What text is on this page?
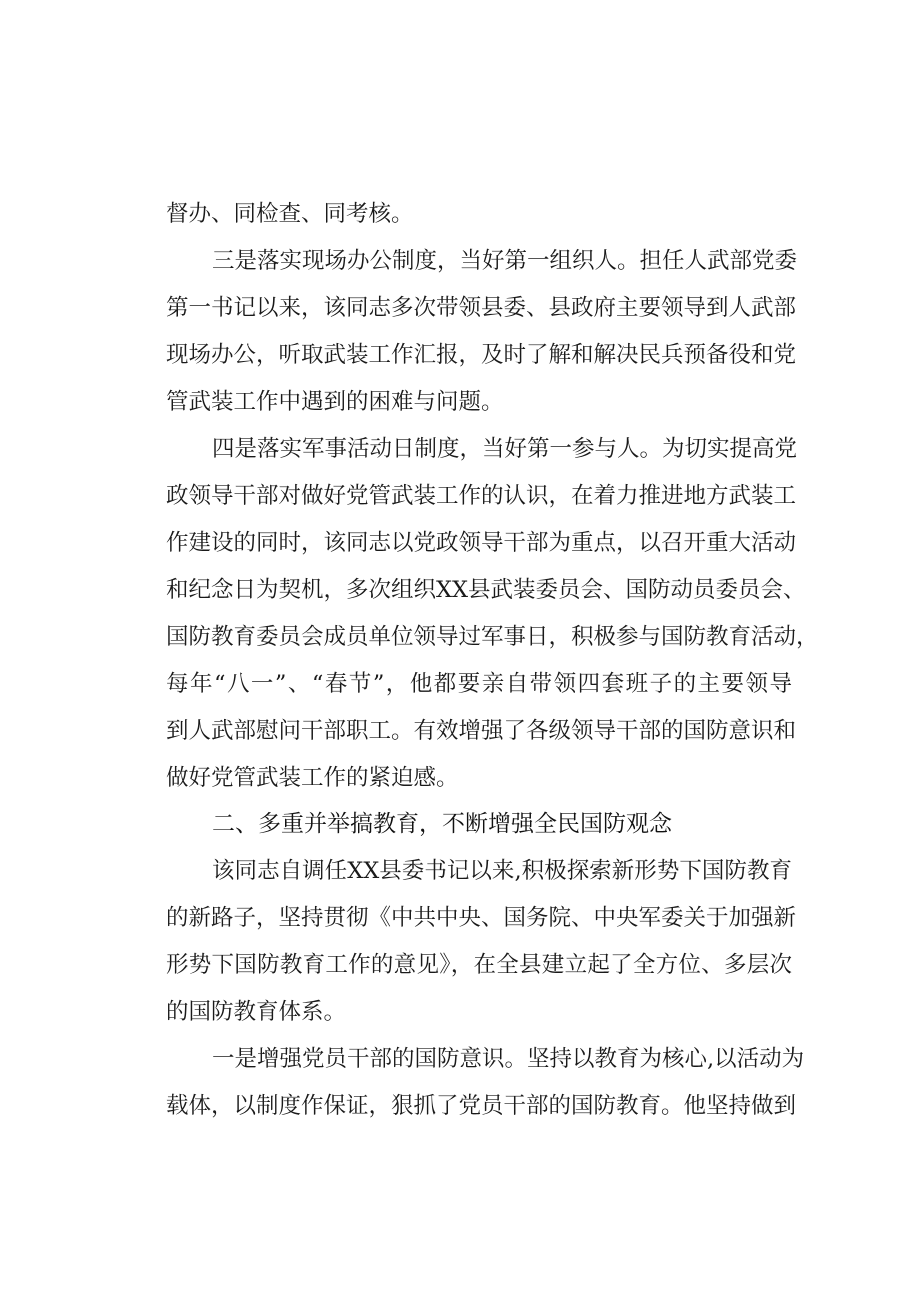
督办、同检查、同考核。
三是落实现场办公制度，当好第一组织人。担任人武部党委
第一书记以来，该同志多次带领县委、县政府主要领导到人武部
现场办公，听取武装工作汇报，及时了解和解决民兵预备役和党
管武装工作中遇到的困难与问题。
四是落实军事活动日制度，当好第一参与人。为切实提高党
政领导干部对做好党管武装工作的认识，在着力推进地方武装工
作建设的同时，该同志以党政领导干部为重点，以召开重大活动
和纪念日为契机，多次组织XX县武装委员会、国防动员委员会、
国防教育委员会成员单位领导过军事日，积极参与国防教育活动，
每年“八一”、“春节”，他都要亲自带领四套班子的主要领导
到人武部慰问干部职工。有效增强了各级领导干部的国防意识和
做好党管武装工作的紧迫感。
二、多重并举搞教育，不断增强全民国防观念
该同志自调任XX县委书记以来,积极探索新形势下国防教育
的新路子，坚持贯彻《中共中央、国务院、中央军委关于加强新
形势下国防教育工作的意见》，在全县建立起了全方位、多层次
的国防教育体系。
一是增强党员干部的国防意识。坚持以教育为核心,以活动为
载体，以制度作保证，狠抓了党员干部的国防教育。他坚持做到
